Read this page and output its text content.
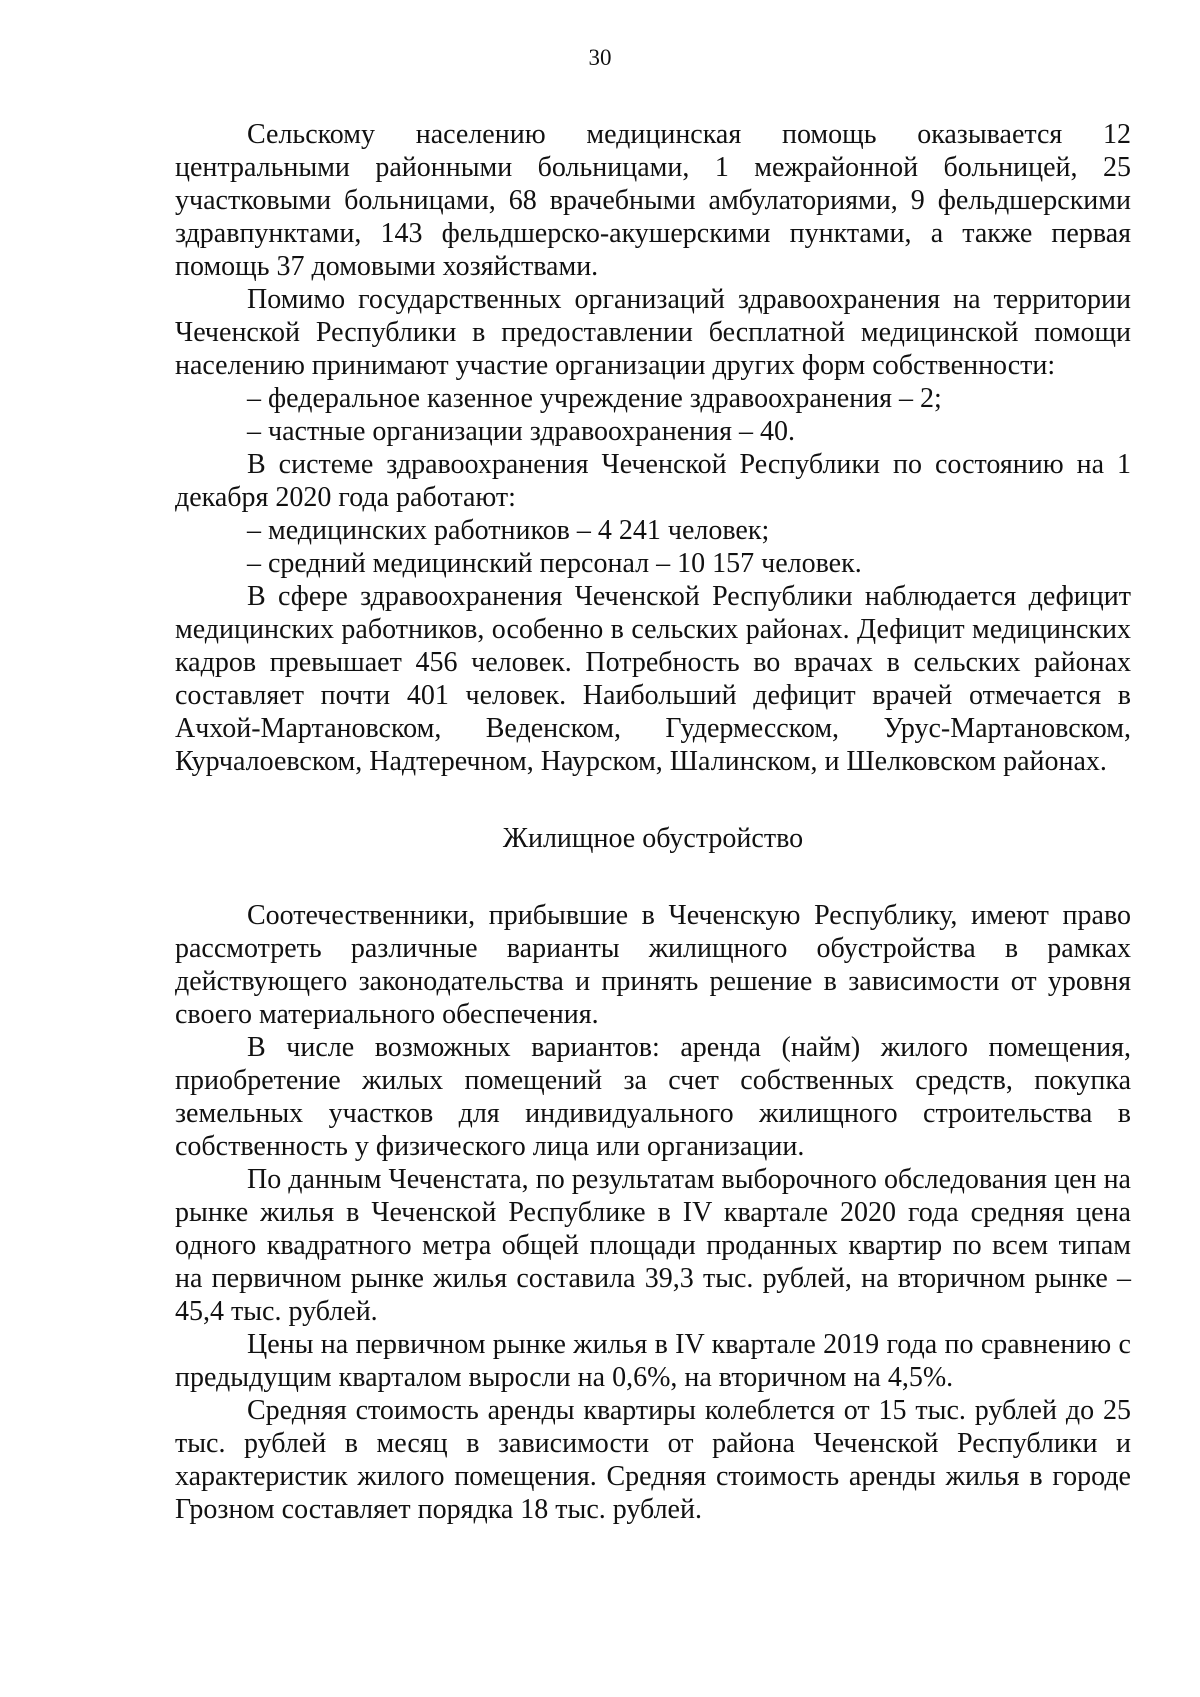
30

Сельскому населению медицинская помощь оказывается 12 центральными районными больницами, 1 межрайонной больницей, 25 участковыми больницами, 68 врачебными амбулаториями, 9 фельдшерскими здравпунктами, 143 фельдшерско-акушерскими пунктами, а также первая помощь 37 домовыми хозяйствами.

Помимо государственных организаций здравоохранения на территории Чеченской Республики в предоставлении бесплатной медицинской помощи населению принимают участие организации других форм собственности:

– федеральное казенное учреждение здравоохранения – 2;

– частные организации здравоохранения – 40.

В системе здравоохранения Чеченской Республики по состоянию на 1 декабря 2020 года работают:

– медицинских работников – 4 241 человек;

– средний медицинский персонал – 10 157 человек.

В сфере здравоохранения Чеченской Республики наблюдается дефицит медицинских работников, особенно в сельских районах. Дефицит медицинских кадров превышает 456 человек. Потребность во врачах в сельских районах составляет почти 401 человек. Наибольший дефицит врачей отмечается в Ачхой-Мартановском, Веденском, Гудермесском, Урус-Мартановском, Курчалоевском, Надтеречном, Наурском, Шалинском, и Шелковском районах.

Жилищное обустройство

Соотечественники, прибывшие в Чеченскую Республику, имеют право рассмотреть различные варианты жилищного обустройства в рамках действующего законодательства и принять решение в зависимости от уровня своего материального обеспечения.

В числе возможных вариантов: аренда (найм) жилого помещения, приобретение жилых помещений за счет собственных средств, покупка земельных участков для индивидуального жилищного строительства в собственность у физического лица или организации.

По данным Чеченстата, по результатам выборочного обследования цен на рынке жилья в Чеченской Республике в IV квартале 2020 года средняя цена одного квадратного метра общей площади проданных квартир по всем типам на первичном рынке жилья составила 39,3 тыс. рублей, на вторичном рынке – 45,4 тыс. рублей.

Цены на первичном рынке жилья в IV квартале 2019 года по сравнению с предыдущим кварталом выросли на 0,6%, на вторичном на 4,5%.

Средняя стоимость аренды квартиры колеблется от 15 тыс. рублей до 25 тыс. рублей в месяц в зависимости от района Чеченской Республики и характеристик жилого помещения. Средняя стоимость аренды жилья в городе Грозном составляет порядка 18 тыс. рублей.
